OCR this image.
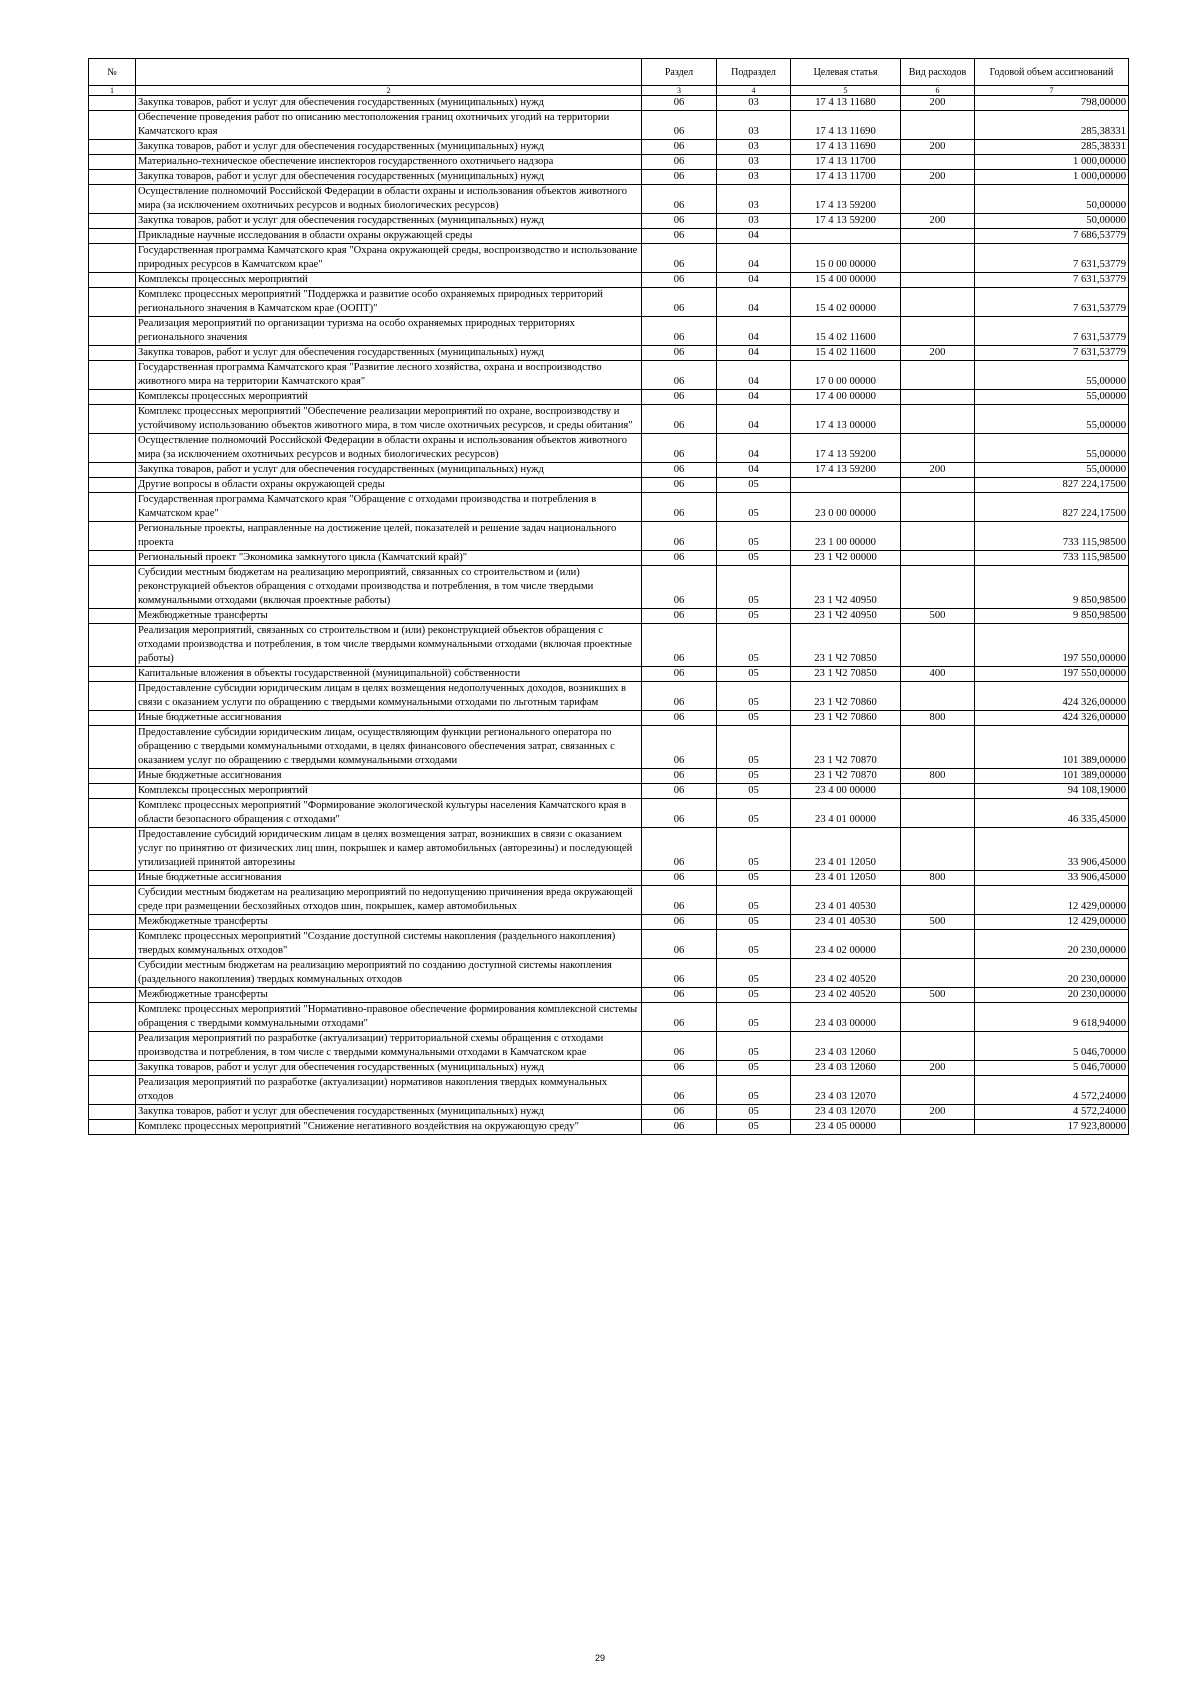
№		Раздел	Подраздел	Целевая статья	Вид расходов	Годовой объем ассигнований
1	2	3	4	5	6	7
	Закупка товаров, работ и услуг для обеспечения государственных (муниципальных) нужд	06	03	17 4 13 11680	200	798,00000
	Обеспечение проведения работ по описанию местоположения границ охотничьих угодий на территории Камчатского края	06	03	17 4 13 11690		285,38331
	Закупка товаров, работ и услуг для обеспечения государственных (муниципальных) нужд	06	03	17 4 13 11690	200	285,38331
	Материально-техническое обеспечение инспекторов государственного охотничьего надзора	06	03	17 4 13 11700		1 000,00000
	Закупка товаров, работ и услуг для обеспечения государственных (муниципальных) нужд	06	03	17 4 13 11700	200	1 000,00000
	Осуществление полномочий Российской Федерации в области охраны и использования объектов животного мира (за исключением охотничьих ресурсов и водных биологических ресурсов)	06	03	17 4 13 59200		50,00000
	Закупка товаров, работ и услуг для обеспечения государственных (муниципальных) нужд	06	03	17 4 13 59200	200	50,00000
	Прикладные научные исследования в области охраны окружающей среды	06	04			7 686,53779
	Государственная программа Камчатского края "Охрана окружающей среды, воспроизводство и использование природных ресурсов в Камчатском крае"	06	04	15 0 00 00000		7 631,53779
	Комплексы процессных мероприятий	06	04	15 4 00 00000		7 631,53779
	Комплекс процессных мероприятий "Поддержка и развитие особо охраняемых природных территорий регионального значения в Камчатском крае (ООПТ)"	06	04	15 4 02 00000		7 631,53779
	Реализация мероприятий по организации туризма на особо охраняемых природных территориях регионального значения	06	04	15 4 02 11600		7 631,53779
	Закупка товаров, работ и услуг для обеспечения государственных (муниципальных) нужд	06	04	15 4 02 11600	200	7 631,53779
	Государственная программа Камчатского края "Развитие лесного хозяйства, охрана и воспроизводство животного мира на территории Камчатского края"	06	04	17 0 00 00000		55,00000
	Комплексы процессных мероприятий	06	04	17 4 00 00000		55,00000
	Комплекс процессных мероприятий "Обеспечение реализации мероприятий по охране, воспроизводству и устойчивому использованию объектов животного мира, в том числе охотничьих ресурсов, и среды обитания"	06	04	17 4 13 00000		55,00000
	Осуществление полномочий Российской Федерации в области охраны и использования объектов животного мира (за исключением охотничьих ресурсов и водных биологических ресурсов)	06	04	17 4 13 59200		55,00000
	Закупка товаров, работ и услуг для обеспечения государственных (муниципальных) нужд	06	04	17 4 13 59200	200	55,00000
	Другие вопросы в области охраны окружающей среды	06	05			827 224,17500
	Государственная программа Камчатского края "Обращение с отходами производства и потребления в Камчатском крае"	06	05	23 0 00 00000		827 224,17500
	Региональные проекты, направленные на достижение целей, показателей и решение задач национального проекта	06	05	23 1 00 00000		733 115,98500
	Региональный проект "Экономика замкнутого цикла (Камчатский край)"	06	05	23 1 Ч2 00000		733 115,98500
	Субсидии местным бюджетам на реализацию мероприятий, связанных со строительством и (или) реконструкцией объектов обращения с отходами производства и потребления, в том числе твердыми коммунальными отходами (включая проектные работы)	06	05	23 1 Ч2 40950		9 850,98500
	Межбюджетные трансферты	06	05	23 1 Ч2 40950	500	9 850,98500
	Реализация мероприятий, связанных со строительством и (или) реконструкцией объектов обращения с отходами производства и потребления, в том числе твердыми коммунальными отходами (включая проектные работы)	06	05	23 1 Ч2 70850		197 550,00000
	Капитальные вложения в объекты государственной (муниципальной) собственности	06	05	23 1 Ч2 70850	400	197 550,00000
	Предоставление субсидии юридическим лицам в целях возмещения недополученных доходов, возникших в связи с оказанием услуги по обращению с твердыми коммунальными отходами по льготным тарифам	06	05	23 1 Ч2 70860		424 326,00000
	Иные бюджетные ассигнования	06	05	23 1 Ч2 70860	800	424 326,00000
	Предоставление субсидии юридическим лицам, осуществляющим функции регионального оператора по обращению с твердыми коммунальными отходами, в целях финансового обеспечения затрат, связанных с оказанием услуг по обращению с твердыми коммунальными отходами	06	05	23 1 Ч2 70870		101 389,00000
	Иные бюджетные ассигнования	06	05	23 1 Ч2 70870	800	101 389,00000
	Комплексы процессных мероприятий	06	05	23 4 00 00000		94 108,19000
	Комплекс процессных мероприятий "Формирование экологической культуры населения Камчатского края в области безопасного обращения с отходами"	06	05	23 4 01 00000		46 335,45000
	Предоставление субсидий юридическим лицам в целях возмещения затрат, возникших в связи с оказанием услуг по принятию от физических лиц шин, покрышек и камер автомобильных (авторезины) и последующей утилизацией принятой авторезины	06	05	23 4 01 12050		33 906,45000
	Иные бюджетные ассигнования	06	05	23 4 01 12050	800	33 906,45000
	Субсидии местным бюджетам на реализацию мероприятий по недопущению причинения вреда окружающей среде при размещении бесхозяйных отходов шин, покрышек, камер автомобильных	06	05	23 4 01 40530		12 429,00000
	Межбюджетные трансферты	06	05	23 4 01 40530	500	12 429,00000
	Комплекс процессных мероприятий "Создание доступной системы накопления (раздельного накопления) твердых коммунальных отходов"	06	05	23 4 02 00000		20 230,00000
	Субсидии местным бюджетам на реализацию мероприятий по созданию доступной системы накопления (раздельного накопления) твердых коммунальных отходов	06	05	23 4 02 40520		20 230,00000
	Межбюджетные трансферты	06	05	23 4 02 40520	500	20 230,00000
	Комплекс процессных мероприятий "Нормативно-правовое обеспечение формирования комплексной системы обращения с твердыми коммунальными отходами"	06	05	23 4 03 00000		9 618,94000
	Реализация мероприятий по разработке (актуализации) территориальной схемы обращения с отходами производства и потребления, в том числе с твердыми коммунальными отходами в Камчатском крае	06	05	23 4 03 12060		5 046,70000
	Закупка товаров, работ и услуг для обеспечения государственных (муниципальных) нужд	06	05	23 4 03 12060	200	5 046,70000
	Реализация мероприятий по разработке (актуализации) нормативов накопления твердых коммунальных отходов	06	05	23 4 03 12070		4 572,24000
	Закупка товаров, работ и услуг для обеспечения государственных (муниципальных) нужд	06	05	23 4 03 12070	200	4 572,24000
	Комплекс процессных мероприятий "Снижение негативного воздействия на окружающую среду"	06	05	23 4 05 00000		17 923,80000
29
